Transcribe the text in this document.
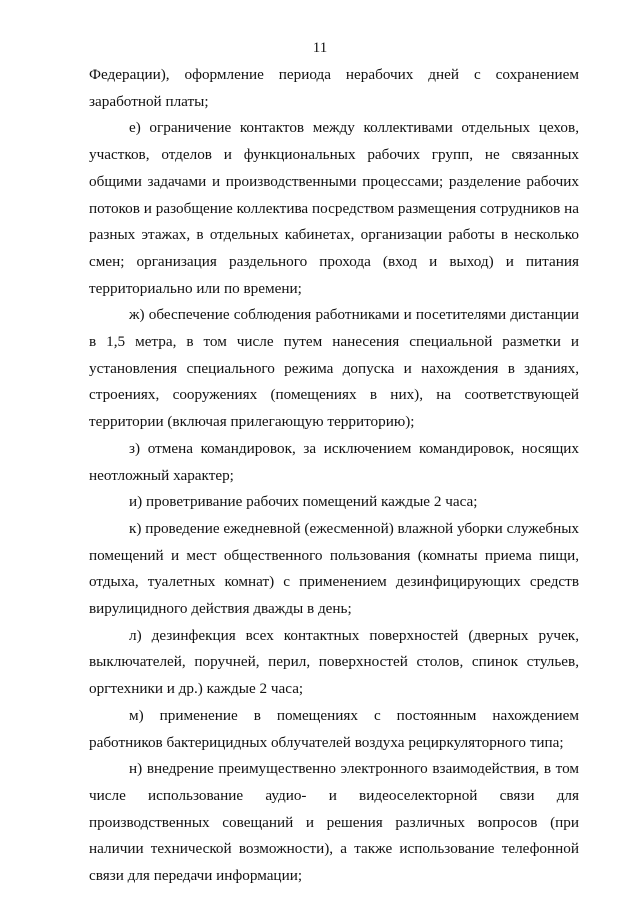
11

Федерации), оформление периода нерабочих дней с сохранением заработной платы;

е) ограничение контактов между коллективами отдельных цехов, участков, отделов и функциональных рабочих групп, не связанных общими задачами и производственными процессами; разделение рабочих потоков и разобщение коллектива посредством размещения сотрудников на разных этажах, в отдельных кабинетах, организации работы в несколько смен; организация раздельного прохода (вход и выход) и питания территориально или по времени;

ж) обеспечение соблюдения работниками и посетителями дистанции в 1,5 метра, в том числе путем нанесения специальной разметки и установления специального режима допуска и нахождения в зданиях, строениях, сооружениях (помещениях в них), на соответствующей территории (включая прилегающую территорию);

з) отмена командировок, за исключением командировок, носящих неотложный характер;

и) проветривание рабочих помещений каждые 2 часа;

к) проведение ежедневной (ежесменной) влажной уборки служебных помещений и мест общественного пользования (комнаты приема пищи, отдыха, туалетных комнат) с применением дезинфицирующих средств вирулицидного действия дважды в день;

л) дезинфекция всех контактных поверхностей (дверных ручек, выключателей, поручней, перил, поверхностей столов, спинок стульев, оргтехники и др.) каждые 2 часа;

м) применение в помещениях с постоянным нахождением работников бактерицидных облучателей воздуха рециркуляторного типа;

н) внедрение преимущественно электронного взаимодействия, в том числе использование аудио- и видеоселекторной связи для производственных совещаний и решения различных вопросов (при наличии технической возможности), а также использование телефонной связи для передачи информации;
